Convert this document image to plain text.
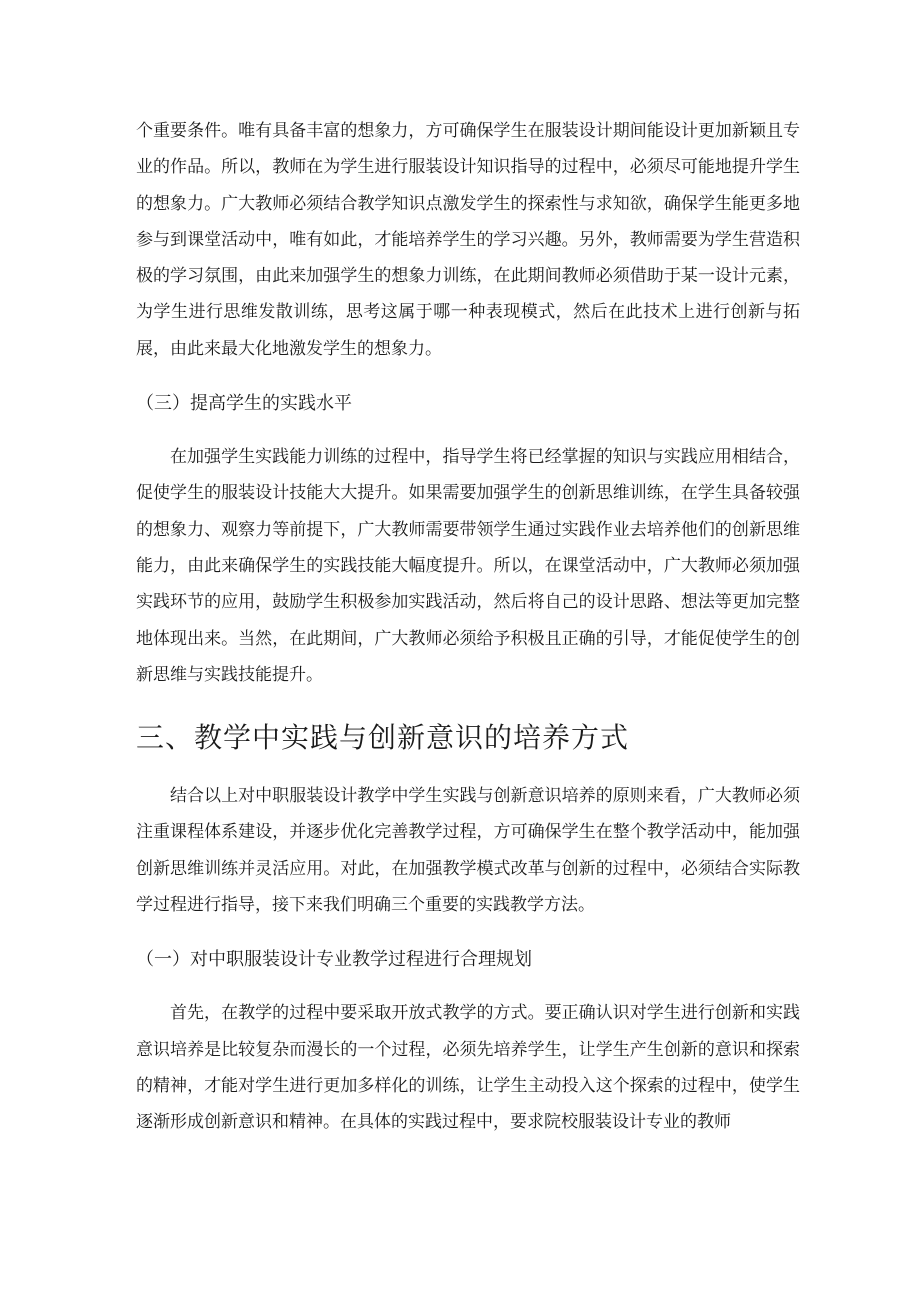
个重要条件。唯有具备丰富的想象力，方可确保学生在服装设计期间能设计更加新颖且专业的作品。所以，教师在为学生进行服装设计知识指导的过程中，必须尽可能地提升学生的想象力。广大教师必须结合教学知识点激发学生的探索性与求知欲，确保学生能更多地参与到课堂活动中，唯有如此，才能培养学生的学习兴趣。另外，教师需要为学生营造积极的学习氛围，由此来加强学生的想象力训练，在此期间教师必须借助于某一设计元素，为学生进行思维发散训练，思考这属于哪一种表现模式，然后在此技术上进行创新与拓展，由此来最大化地激发学生的想象力。

（三）提高学生的实践水平

在加强学生实践能力训练的过程中，指导学生将已经掌握的知识与实践应用相结合，促使学生的服装设计技能大大提升。如果需要加强学生的创新思维训练，在学生具备较强的想象力、观察力等前提下，广大教师需要带领学生通过实践作业去培养他们的创新思维能力，由此来确保学生的实践技能大幅度提升。所以，在课堂活动中，广大教师必须加强实践环节的应用，鼓励学生积极参加实践活动，然后将自己的设计思路、想法等更加完整地体现出来。当然，在此期间，广大教师必须给予积极且正确的引导，才能促使学生的创新思维与实践技能提升。

三、教学中实践与创新意识的培养方式

结合以上对中职服装设计教学中学生实践与创新意识培养的原则来看，广大教师必须注重课程体系建设，并逐步优化完善教学过程，方可确保学生在整个教学活动中，能加强创新思维训练并灵活应用。对此，在加强教学模式改革与创新的过程中，必须结合实际教学过程进行指导，接下来我们明确三个重要的实践教学方法。

（一）对中职服装设计专业教学过程进行合理规划

首先，在教学的过程中要采取开放式教学的方式。要正确认识对学生进行创新和实践意识培养是比较复杂而漫长的一个过程，必须先培养学生，让学生产生创新的意识和探索的精神，才能对学生进行更加多样化的训练，让学生主动投入这个探索的过程中，使学生逐渐形成创新意识和精神。在具体的实践过程中，要求院校服装设计专业的教师
